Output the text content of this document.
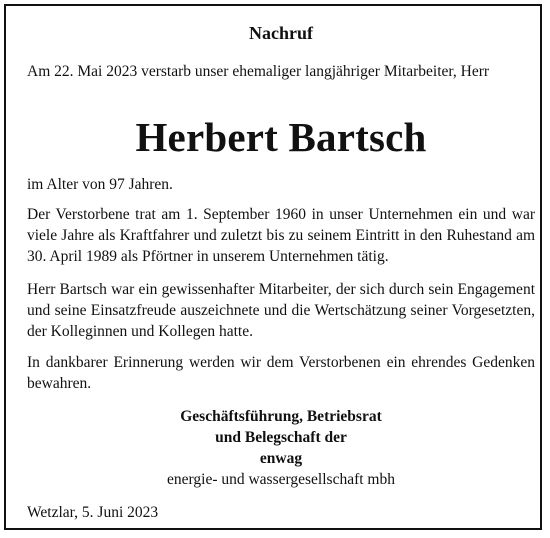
Nachruf
Am 22. Mai 2023 verstarb unser ehemaliger langjähriger Mitarbeiter, Herr
Herbert Bartsch
im Alter von 97 Jahren.
Der Verstorbene trat am 1. September 1960 in unser Unternehmen ein und war viele Jahre als Kraftfahrer und zuletzt bis zu seinem Eintritt in den Ruhestand am 30. April 1989 als Pförtner in unserem Unternehmen tätig.
Herr Bartsch war ein gewissenhafter Mitarbeiter, der sich durch sein Engagement und seine Einsatzfreude auszeichnete und die Wertschätzung seiner Vorgesetzten, der Kolleginnen und Kollegen hatte.
In dankbarer Erinnerung werden wir dem Verstorbenen ein ehrendes Gedenken bewahren.
Geschäftsführung, Betriebsrat
und Belegschaft der
enwag
energie- und wassergesellschaft mbh
Wetzlar, 5. Juni 2023
